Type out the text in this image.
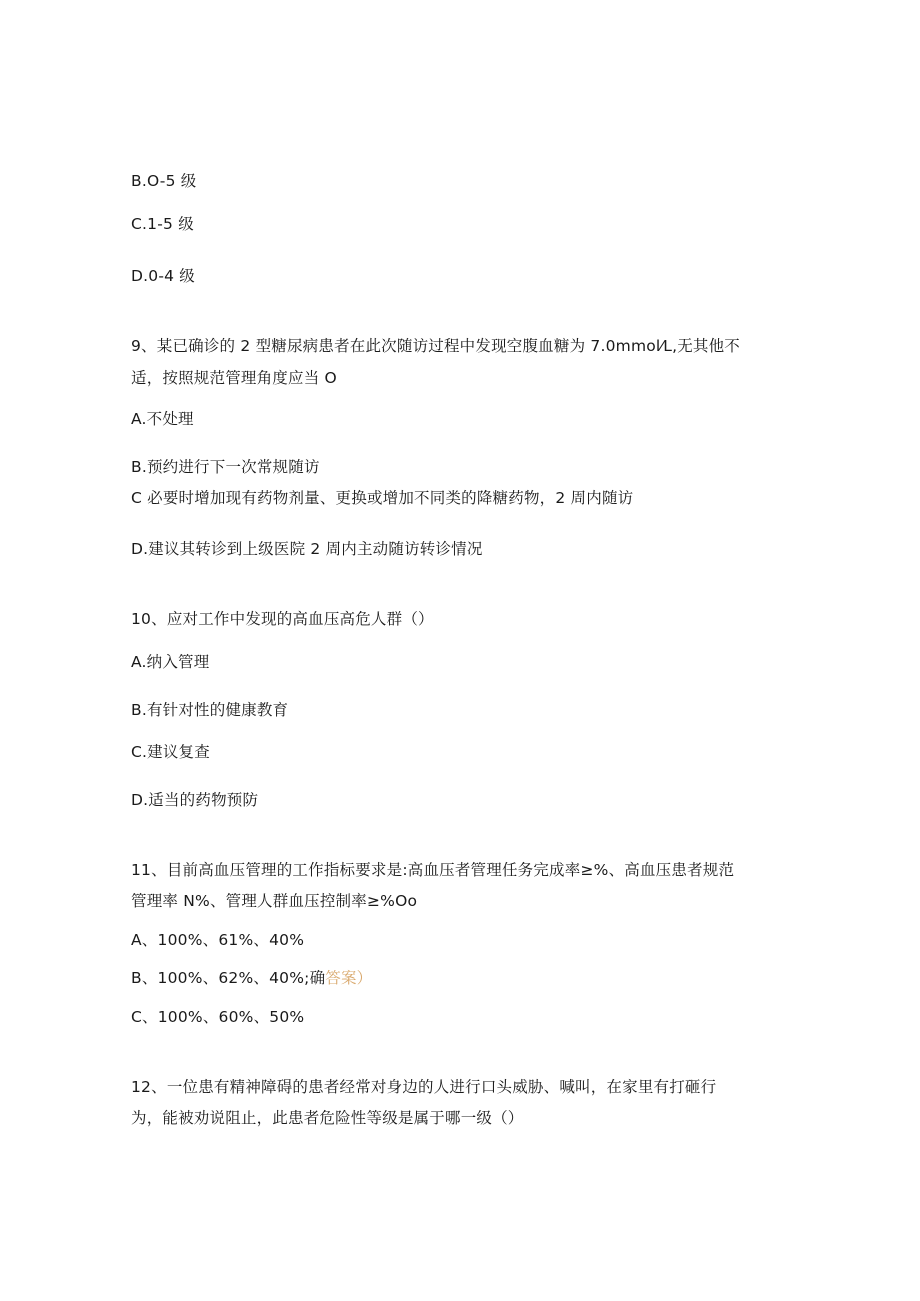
B.O-5 级
C.1-5 级
D.0-4 级
9、某已确诊的 2 型糖尿病患者在此次随访过程中发现空腹血糖为 7.0mmol⁄L,无其他不
适，按照规范管理角度应当 O
A.不处理
B.预约进行下一次常规随访
C 必要时增加现有药物剂量、更换或增加不同类的降糖药物，2 周内随访
D.建议其转诊到上级医院 2 周内主动随访转诊情况
10、应对工作中发现的高血压高危人群（）
A.纳入管理
B.有针对性的健康教育
C.建议复查
D.适当的药物预防
11、目前高血压管理的工作指标要求是:高血压者管理任务完成率≥%、高血压患者规范
管理率 N%、管理人群血压控制率≥%Oo
A、100%、61%、40%
B、100%、62%、40%;确答案）
C、100%、60%、50%
12、一位患有精神障碍的患者经常对身边的人进行口头威胁、喊叫，在家里有打砸行
为，能被劝说阻止，此患者危险性等级是属于哪一级（）
